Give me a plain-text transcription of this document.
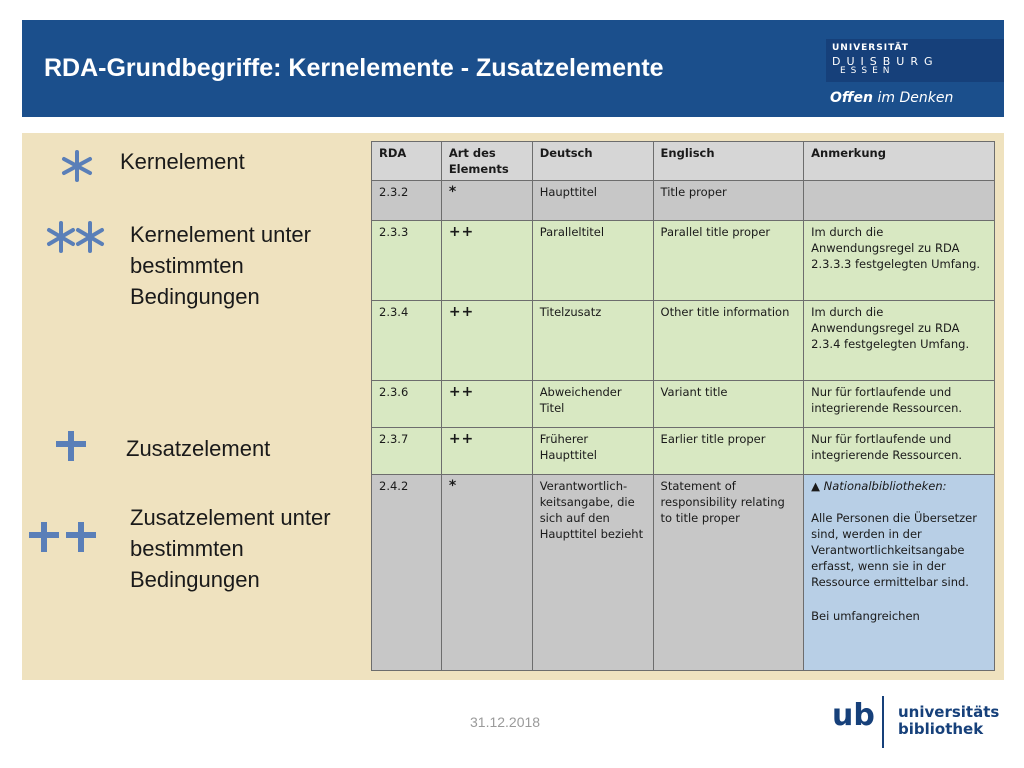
RDA-Grundbegriffe: Kernelemente - Zusatzelemente
UNIVERSITÄT
DUISBURG
ESSEN
Offen im Denken
Kernelement
Kernelement unter bestimmten Bedingungen
Zusatzelement
Zusatzelement unter bestimmten Bedingungen
RDA	Art des Elements	Deutsch	Englisch	Anmerkung
2.3.2	*	Haupttitel	Title proper	
2.3.3	++	Paralleltitel	Parallel title proper	Im durch die Anwendungsregel zu RDA 2.3.3.3 festgelegten Umfang.
2.3.4	++	Titelzusatz	Other title information	Im durch die Anwendungsregel zu RDA 2.3.4 festgelegten Umfang.
2.3.6	++	Abweichender Titel	Variant title	Nur für fortlaufende und integrierende Ressourcen.
2.3.7	++	Früherer Haupttitel	Earlier title proper	Nur für fortlaufende und integrierende Ressourcen.
2.4.2	*	Verantwortlich-keitsangabe, die sich auf den Haupttitel bezieht	Statement of responsibility relating to title proper	▲ Nationalbibliotheken:
Alle Personen die Übersetzer sind, werden in der Verantwortlichkeitsangabe erfasst, wenn sie in der Ressource ermittelbar sind.
Bei umfangreichen
31.12.2018	ub universitäts
bibliothek
